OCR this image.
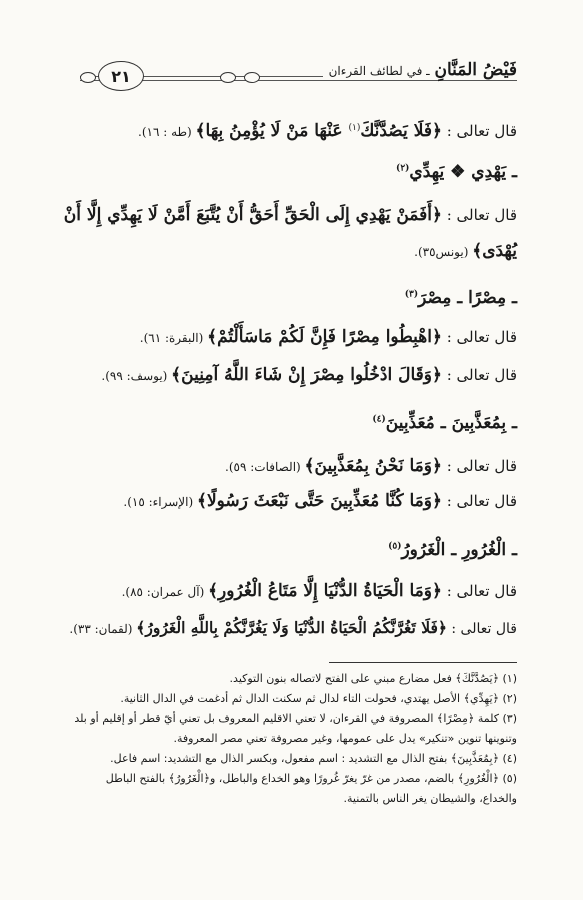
٢١	فَيْضُ المَنَّانِ ـ في لطائف القرءان
قال تعالى : ﴿فَلَا يَصُدَّنَّكَ$^{(١)}$ عَنْهَا مَنْ لَا يُؤْمِنُ بِهَا﴾ (طه : ١٦).
ـ يَهْدِي ❖ يَهِدِّي$^{(٢)}$
قال تعالى : ﴿أَفَمَنْ يَهْدِي إِلَى الْحَقِّ أَحَقُّ أَنْ يُتَّبَعَ أَمَّنْ لَا يَهِدِّي إِلَّا أَنْ
يُهْدَى﴾ (يونس٣٥).
ـ مِصْرًا ـ مِصْرَ$^{(٣)}$
قال تعالى : ﴿اهْبِطُوا مِصْرًا فَإِنَّ لَكُمْ مَاسَأَلْتُمْ﴾ (البقرة: ٦١).
قال تعالى : ﴿وَقَالَ ادْخُلُوا مِصْرَ إِنْ شَاءَ اللَّهُ آمِنِينَ﴾ (يوسف: ٩٩).
ـ بِمُعَذَّبِينَ ـ مُعَذِّبِينَ$^{(٤)}$
قال تعالى : ﴿وَمَا نَحْنُ بِمُعَذَّبِينَ﴾ (الصافات: ٥٩).
قال تعالى : ﴿وَمَا كُنَّا مُعَذِّبِينَ حَتَّى نَبْعَثَ رَسُولًا﴾ (الإسراء: ١٥).
ـ الْغُرُورِ ـ الْغَرُورُ$^{(٥)}$
قال تعالى : ﴿وَمَا الْحَيَاةُ الدُّنْيَا إِلَّا مَتَاعُ الْغُرُورِ﴾ (آل عمران: ٨٥).
قال تعالى : ﴿فَلَا تَغُرَّنَّكُمُ الْحَيَاةُ الدُّنْيَا وَلَا يَغُرَّنَّكُمْ بِاللَّهِ الْغَرُورُ﴾ (لقمان: ٣٣).
(١) ﴿يَصُدَّنَّكَ﴾ فعل مضارع مبني على الفتح لاتصاله بنون التوكيد.
(٢) ﴿يَهِدِّي﴾ الأصل يهتدي، فحولت التاء لدال ثم سكنت الدال ثم أدغمت في الدال الثانية.
(٣) كلمة ﴿مِصْرًا﴾ المصروفة في القرءان، لا تعني الاقليم المعروف بل تعني أيّ قطر أو إقليم أو بلد
وتنوينها تنوين «تنكير» يدل على عمومها، وغير مصروفة تعني مصر المعروفة.
(٤) ﴿بِمُعَذَّبِينَ﴾ بفتح الذال مع التشديد : اسم مفعول، وبكسر الذال مع التشديد: اسم فاعل.
(٥) ﴿الْغُرُورِ﴾ بالضم، مصدر من غرّ يغرّ غُرورًا وهو الخداع والباطل، و﴿الْغَرُورُ﴾ بالفتح الباطل
والخداع، والشيطان يغر الناس بالتمنية.
